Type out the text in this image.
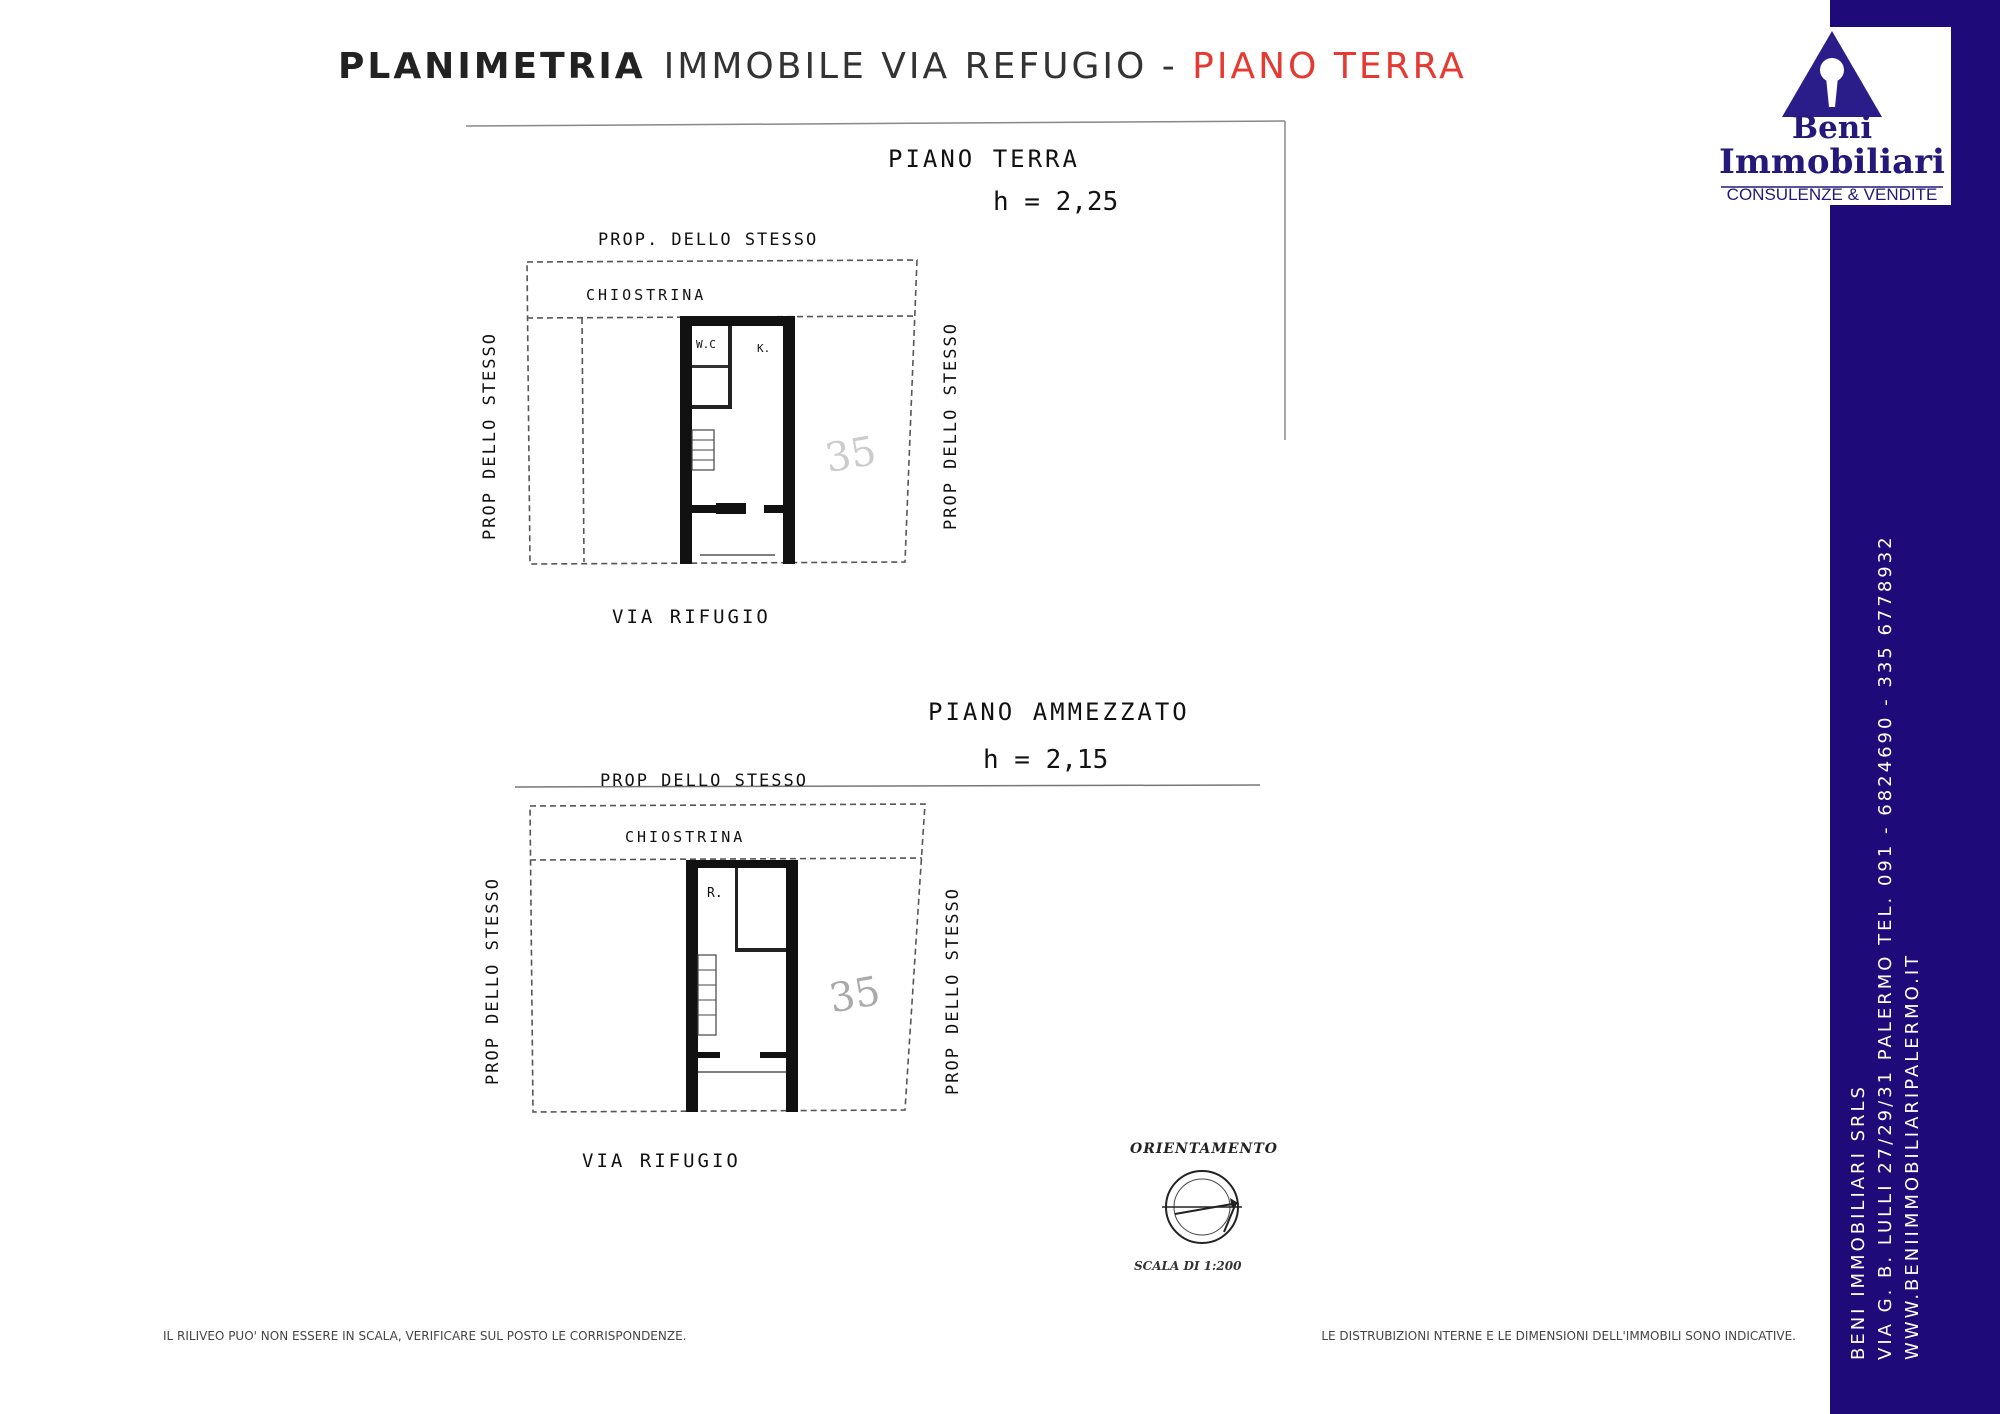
PLANIMETRIA IMMOBILE VIA REFUGIO - PIANO TERRA
Beni
Immobiliari
CONSULENZE & VENDITE
BENI IMMOBILIARI SRLS VIA G. B. LULLI 27/29/31 PALERMO TEL. 091 - 6824690 - 335 6778932 WWW.BENIIMMOBILIARIPALERMO.IT
PIANO TERRA
h = 2,25
PROP. DELLO STESSO
PROP DELLO STESSO	PROP DELLO STESSO
CHIOSTRINA
W.C	K.
35
VIA RIFUGIO
PIANO AMMEZZATO
h = 2,15
PROP DELLO STESSO
PROP DELLO STESSO	PROP DELLO STESSO
CHIOSTRINA
R.
35
VIA RIFUGIO
ORIENTAMENTO
SCALA DI 1:200
IL RILIVEO PUO' NON ESSERE IN SCALA, VERIFICARE SUL POSTO LE CORRISPONDENZE.	LE DISTRUBIZIONI NTERNE E LE DIMENSIONI DELL'IMMOBILI SONO INDICATIVE.
